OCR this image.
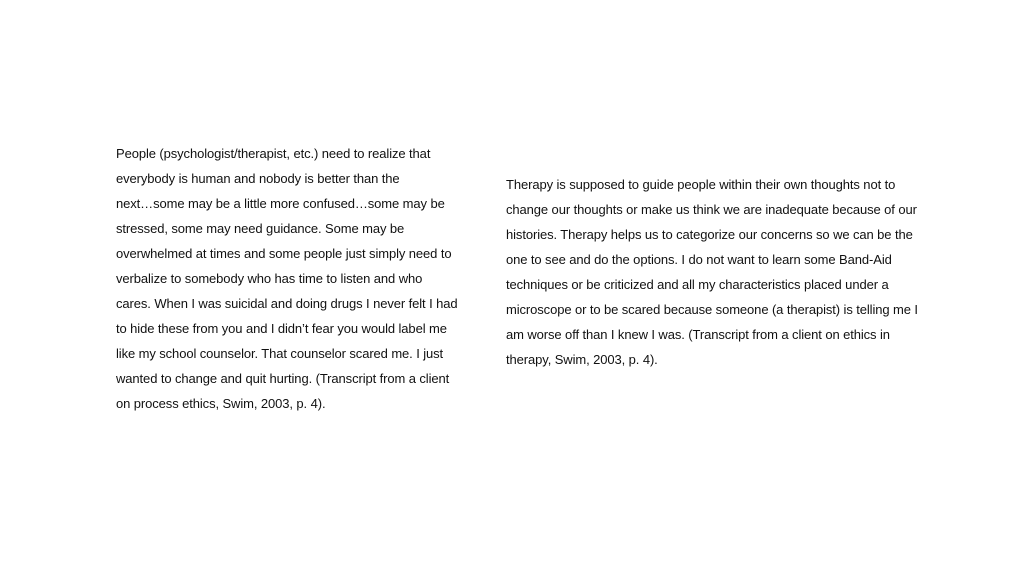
People (psychologist/therapist, etc.) need to realize that
everybody is human and nobody is better than the
next…some may be a little more confused…some may be
stressed, some may need guidance. Some may be
overwhelmed at times and some people just simply need to
verbalize to somebody who has time to listen and who
cares. When I was suicidal and doing drugs I never felt I had
to hide these from you and I didn’t fear you would label me
like my school counselor. That counselor scared me. I just
wanted to change and quit hurting. (Transcript from a client
on process ethics, Swim, 2003, p. 4).
Therapy is supposed to guide people within their own thoughts not to
change our thoughts or make us think we are inadequate because of our
histories. Therapy helps us to categorize our concerns so we can be the
one to see and do the options. I do not want to learn some Band-Aid
techniques or be criticized and all my characteristics placed under a
microscope or to be scared because someone (a therapist) is telling me I
am worse off than I knew I was. (Transcript from a client on ethics in
therapy, Swim, 2003, p. 4).
